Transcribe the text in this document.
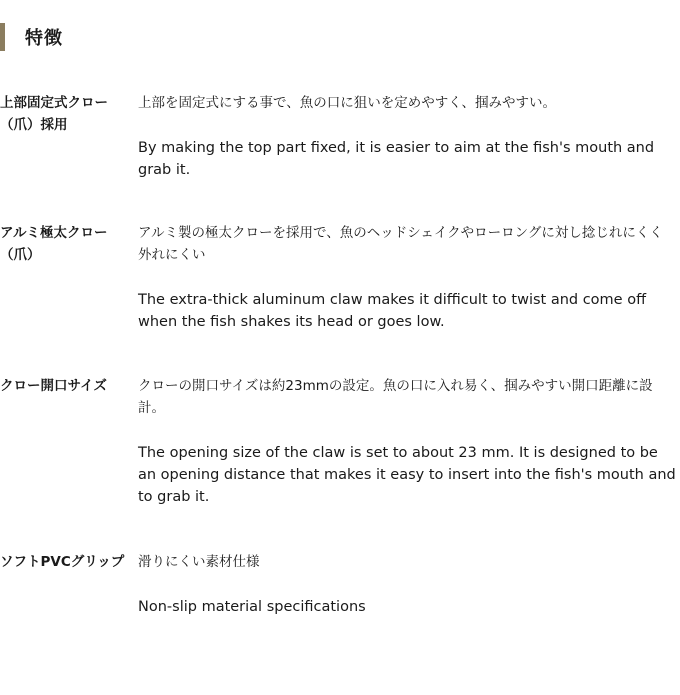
特徴
上部固定式クロー（爪）採用

上部を固定式にする事で、魚の口に狙いを定めやすく、掴みやすい。

By making the top part fixed, it is easier to aim at the fish's mouth and grab it.

アルミ極太クロー（爪）

アルミ製の極太クローを採用で、魚のヘッドシェイクやローロングに対し捻じれにくく外れにくい

The extra-thick aluminum claw makes it difficult to twist and come off when the fish shakes its head or goes low.

クロー開口サイズ	クローの開口サイズは約23mmの設定。魚の口に入れ易く、掴みやすい開口距離に設計。

The opening size of the claw is set to about 23 mm. It is designed to be an opening distance that makes it easy to insert into the fish's mouth and to grab it.

ソフトPVCグリップ	滑りにくい素材仕様

Non-slip material specifications
